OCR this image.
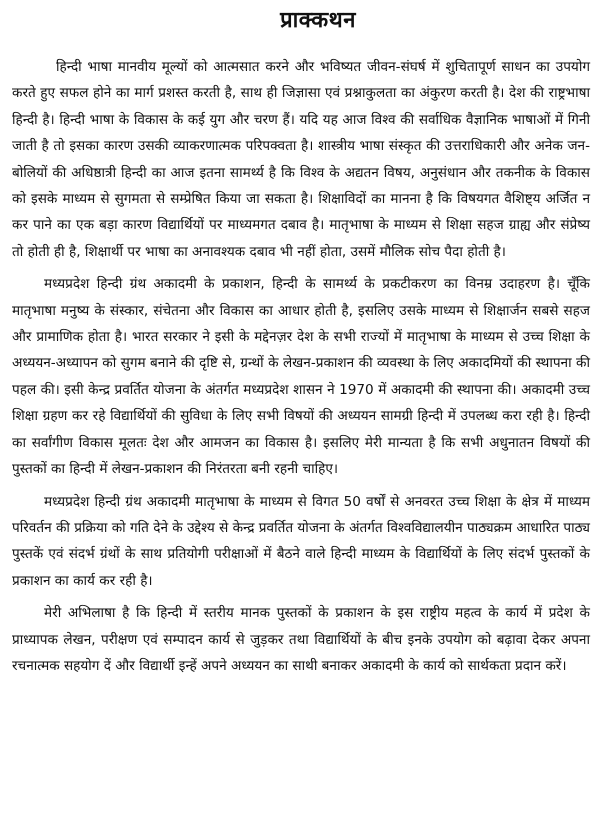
प्राक्कथन

हिन्दी भाषा मानवीय मूल्यों को आत्मसात करने और भविष्यत जीवन-संघर्ष में शुचितापूर्ण साधन का उपयोग करते हुए सफल होने का मार्ग प्रशस्त करती है, साथ ही जिज्ञासा एवं प्रश्नाकुलता का अंकुरण करती है। देश की राष्ट्रभाषा हिन्दी है। हिन्दी भाषा के विकास के कई युग और चरण हैं। यदि यह आज विश्व की सर्वाधिक वैज्ञानिक भाषाओं में गिनी जाती है तो इसका कारण उसकी व्याकरणात्मक परिपक्वता है। शास्त्रीय भाषा संस्कृत की उत्तराधिकारी और अनेक जन-बोलियों की अधिष्ठात्री हिन्दी का आज इतना सामर्थ्य है कि विश्व के अद्यतन विषय, अनुसंधान और तकनीक के विकास को इसके माध्यम से सुगमता से सम्प्रेषित किया जा सकता है। शिक्षाविदों का मानना है कि विषयगत वैशिष्ट्य अर्जित न कर पाने का एक बड़ा कारण विद्यार्थियों पर माध्यमगत दबाव है। मातृभाषा के माध्यम से शिक्षा सहज ग्राह्य और संप्रेष्य तो होती ही है, शिक्षार्थी पर भाषा का अनावश्यक दबाव भी नहीं होता, उसमें मौलिक सोच पैदा होती है।

मध्यप्रदेश हिन्दी ग्रंथ अकादमी के प्रकाशन, हिन्दी के सामर्थ्य के प्रकटीकरण का विनम्र उदाहरण है। चूँकि मातृभाषा मनुष्य के संस्कार, संचेतना और विकास का आधार होती है, इसलिए उसके माध्यम से शिक्षार्जन सबसे सहज और प्रामाणिक होता है। भारत सरकार ने इसी के मद्देनज़र देश के सभी राज्यों में मातृभाषा के माध्यम से उच्च शिक्षा के अध्ययन-अध्यापन को सुगम बनाने की दृष्टि से, ग्रन्थों के लेखन-प्रकाशन की व्यवस्था के लिए अकादमियों की स्थापना की पहल की। इसी केन्द्र प्रवर्तित योजना के अंतर्गत मध्यप्रदेश शासन ने 1970 में अकादमी की स्थापना की। अकादमी उच्च शिक्षा ग्रहण कर रहे विद्यार्थियों की सुविधा के लिए सभी विषयों की अध्ययन सामग्री हिन्दी में उपलब्ध करा रही है। हिन्दी का सर्वांगीण विकास मूलतः देश और आमजन का विकास है। इसलिए मेरी मान्यता है कि सभी अधुनातन विषयों की पुस्तकों का हिन्दी में लेखन-प्रकाशन की निरंतरता बनी रहनी चाहिए।

मध्यप्रदेश हिन्दी ग्रंथ अकादमी मातृभाषा के माध्यम से विगत 50 वर्षों से अनवरत उच्च शिक्षा के क्षेत्र में माध्यम परिवर्तन की प्रक्रिया को गति देने के उद्देश्य से केन्द्र प्रवर्तित योजना के अंतर्गत विश्वविद्यालयीन पाठ्यक्रम आधारित पाठ्य पुस्तकें एवं संदर्भ ग्रंथों के साथ प्रतियोगी परीक्षाओं में बैठने वाले हिन्दी माध्यम के विद्यार्थियों के लिए संदर्भ पुस्तकों के प्रकाशन का कार्य कर रही है।

मेरी अभिलाषा है कि हिन्दी में स्तरीय मानक पुस्तकों के प्रकाशन के इस राष्ट्रीय महत्व के कार्य में प्रदेश के प्राध्यापक लेखन, परीक्षण एवं सम्पादन कार्य से जुड़कर तथा विद्यार्थियों के बीच इनके उपयोग को बढ़ावा देकर अपना रचनात्मक सहयोग दें और विद्यार्थी इन्हें अपने अध्ययन का साथी बनाकर अकादमी के कार्य को सार्थकता प्रदान करें।
